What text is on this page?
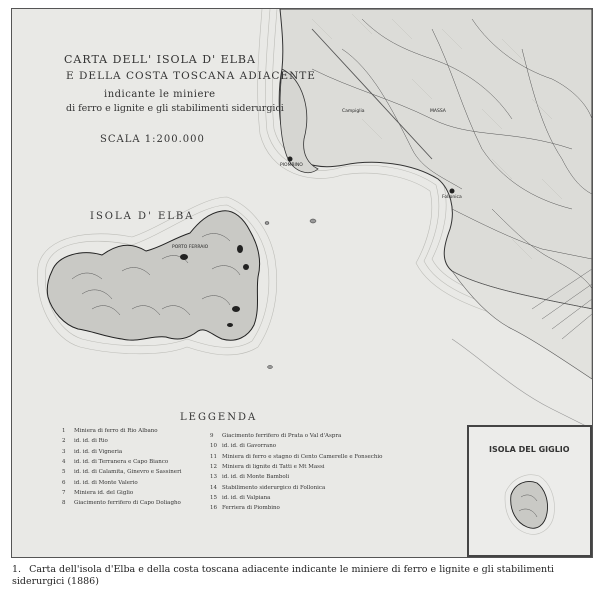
CARTA DELL' ISOLA D' ELBA
E DELLA COSTA TOSCANA ADIACENTE
indicante le miniere
di ferro e lignite e gli stabilimenti siderurgici
SCALA 1:200.000
ISOLA D' ELBA
PORTO FERRAIO
PIOMBINO
Follonica
MASSA
Campiglia
LEGGENDA
ISOLA DEL GIGLIO
1 Miniera di ferro di Rio Albano
2 id. id. di Rio
3 id. id. di Vigneria
4 id. id. di Terranera e Capo Bianco
5 id. id. di Calamita, Ginevro e Sassineri
6 id. id. di Monte Valerio
7 Miniera id. del Giglio
8 Giacimento ferrifero di Capo Doliagho
9 Giacimento ferrifero di Prata o Val d'Aspra
10 id. id. di Gavorrano
11 Miniera di ferro e stagno di Cento Camerelle e Fonsechio
12 Miniera di lignite di Tatti e Mt Massi
13 id. id. di Monte Bamboli
14 Stabilimento siderurgico di Follonica
15 id. id. di Valpiana
16 Ferriera di Piombino
1. Carta dell'isola d'Elba e della costa toscana adiacente indicante le miniere di ferro e lignite e gli stabilimenti siderurgici (1886)
